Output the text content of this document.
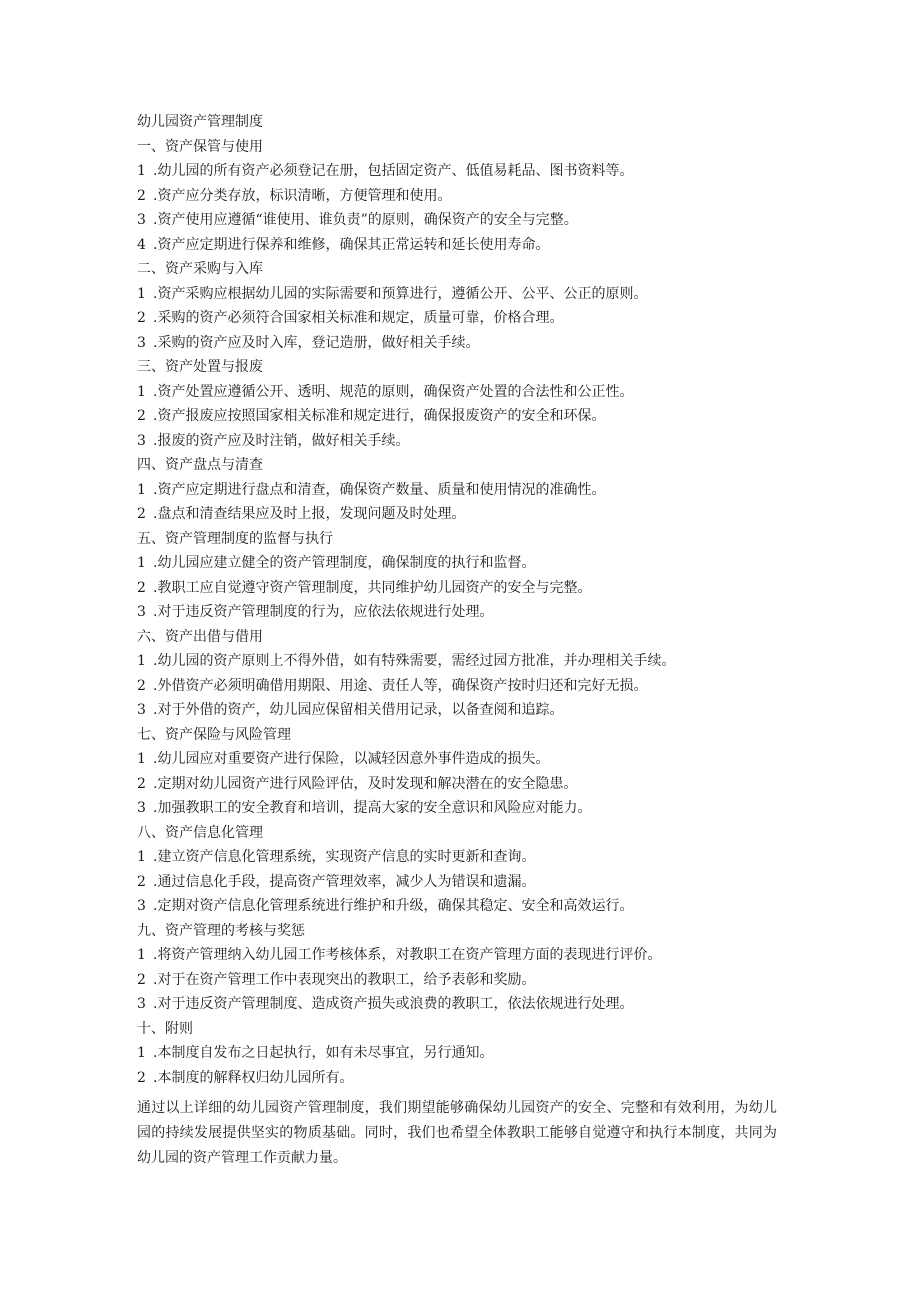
幼儿园资产管理制度
一、资产保管与使用
1 .幼儿园的所有资产必须登记在册，包括固定资产、低值易耗品、图书资料等。
2 .资产应分类存放，标识清晰，方便管理和使用。
3 .资产使用应遵循“谁使用、谁负责”的原则，确保资产的安全与完整。
4 .资产应定期进行保养和维修，确保其正常运转和延长使用寿命。
二、资产采购与入库
1 .资产采购应根据幼儿园的实际需要和预算进行，遵循公开、公平、公正的原则。
2 .采购的资产必须符合国家相关标准和规定，质量可靠，价格合理。
3 .采购的资产应及时入库，登记造册，做好相关手续。
三、资产处置与报废
1 .资产处置应遵循公开、透明、规范的原则，确保资产处置的合法性和公正性。
2 .资产报废应按照国家相关标准和规定进行，确保报废资产的安全和环保。
3 .报废的资产应及时注销，做好相关手续。
四、资产盘点与清查
1 .资产应定期进行盘点和清查，确保资产数量、质量和使用情况的准确性。
2 .盘点和清查结果应及时上报，发现问题及时处理。
五、资产管理制度的监督与执行
1 .幼儿园应建立健全的资产管理制度，确保制度的执行和监督。
2 .教职工应自觉遵守资产管理制度，共同维护幼儿园资产的安全与完整。
3 .对于违反资产管理制度的行为，应依法依规进行处理。
六、资产出借与借用
1 .幼儿园的资产原则上不得外借，如有特殊需要，需经过园方批准，并办理相关手续。
2 .外借资产必须明确借用期限、用途、责任人等，确保资产按时归还和完好无损。
3 .对于外借的资产，幼儿园应保留相关借用记录，以备查阅和追踪。
七、资产保险与风险管理
1 .幼儿园应对重要资产进行保险，以减轻因意外事件造成的损失。
2 .定期对幼儿园资产进行风险评估，及时发现和解决潜在的安全隐患。
3 .加强教职工的安全教育和培训，提高大家的安全意识和风险应对能力。
八、资产信息化管理
1 .建立资产信息化管理系统，实现资产信息的实时更新和查询。
2 .通过信息化手段，提高资产管理效率，减少人为错误和遗漏。
3 .定期对资产信息化管理系统进行维护和升级，确保其稳定、安全和高效运行。
九、资产管理的考核与奖惩
1 .将资产管理纳入幼儿园工作考核体系，对教职工在资产管理方面的表现进行评价。
2 .对于在资产管理工作中表现突出的教职工，给予表彰和奖励。
3 .对于违反资产管理制度、造成资产损失或浪费的教职工，依法依规进行处理。
十、附则
1 .本制度自发布之日起执行，如有未尽事宜，另行通知。
2 .本制度的解释权归幼儿园所有。
通过以上详细的幼儿园资产管理制度，我们期望能够确保幼儿园资产的安全、完整和有效利用，为幼儿园的持续发展提供坚实的物质基础。同时，我们也希望全体教职工能够自觉遵守和执行本制度，共同为幼儿园的资产管理工作贡献力量。
